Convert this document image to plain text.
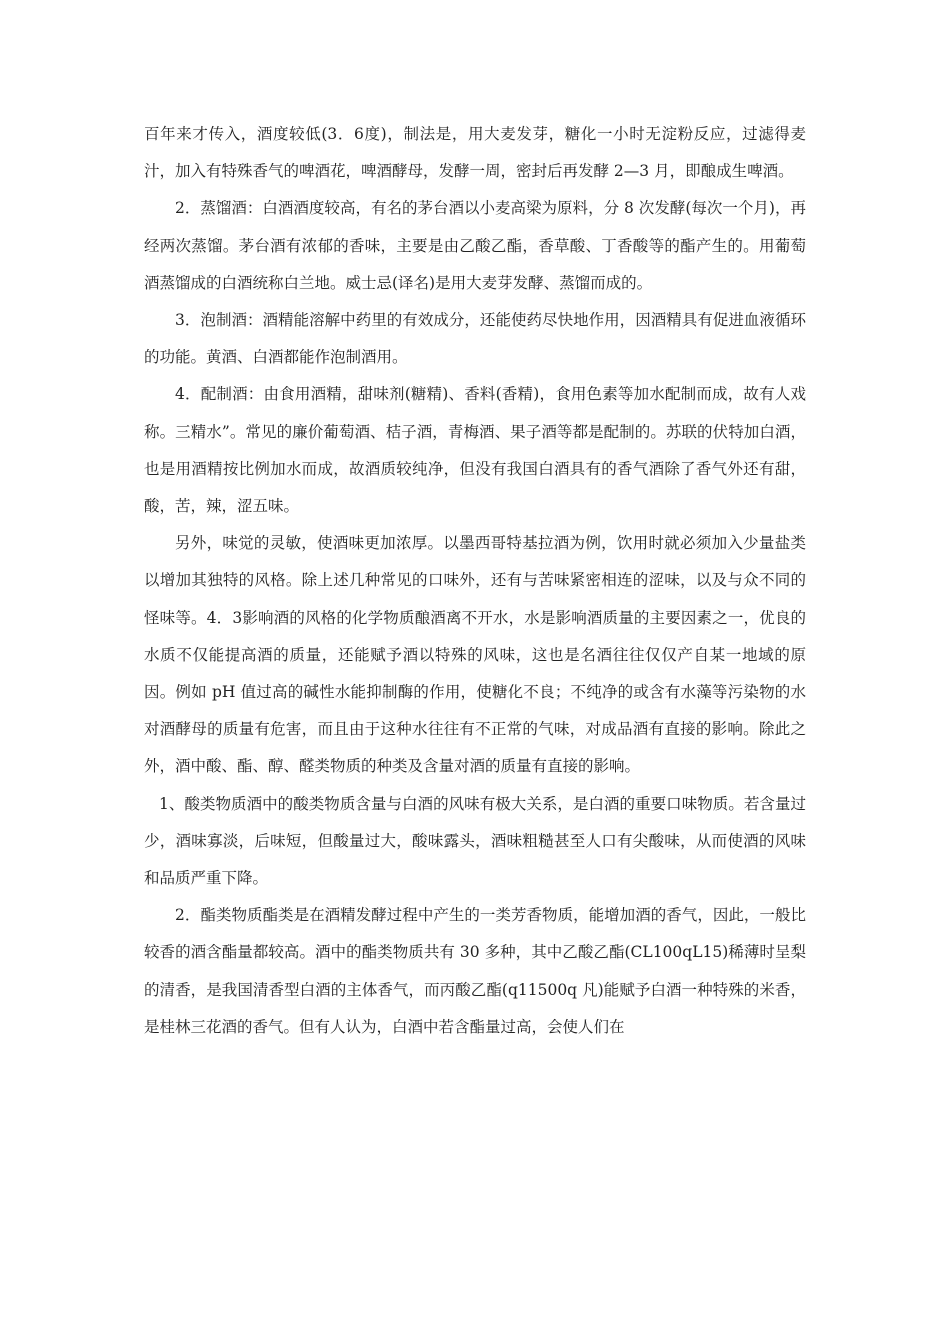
百年来才传入，酒度较低(3．6度)，制法是，用大麦发芽，糖化一小时无淀粉反应，过滤得麦汁，加入有特殊香气的啤酒花，啤酒酵母，发酵一周，密封后再发酵 2—3 月，即酿成生啤酒。

2．蒸馏酒：白酒酒度较高，有名的茅台酒以小麦高梁为原料，分 8 次发酵(每次一个月)，再经两次蒸馏。茅台酒有浓郁的香味，主要是由乙酸乙酯，香草酸、丁香酸等的酯产生的。用葡萄酒蒸馏成的白酒统称白兰地。威士忌(译名)是用大麦芽发酵、蒸馏而成的。

3．泡制酒：酒精能溶解中药里的有效成分，还能使药尽快地作用，因酒精具有促进血液循环的功能。黄酒、白酒都能作泡制酒用。

4．配制酒：由食用酒精，甜味剂(糖精)、香料(香精)，食用色素等加水配制而成，故有人戏称。三精水”。常见的廉价葡萄酒、桔子酒，青梅酒、果子酒等都是配制的。苏联的伏特加白酒，也是用酒精按比例加水而成，故酒质较纯净，但没有我国白酒具有的香气酒除了香气外还有甜，酸，苦，辣，涩五味。

另外，味觉的灵敏，使酒味更加浓厚。以墨西哥特基拉酒为例，饮用时就必须加入少量盐类以增加其独特的风格。除上述几种常见的口味外，还有与苦味紧密相连的涩味，以及与众不同的怪味等。4．3影响酒的风格的化学物质酿酒离不开水，水是影响酒质量的主要因素之一，优良的水质不仅能提高酒的质量，还能赋予酒以特殊的风味，这也是名酒往往仅仅产自某一地域的原因。例如 pH 值过高的碱性水能抑制酶的作用，使糖化不良；不纯净的或含有水藻等污染物的水对酒酵母的质量有危害，而且由于这种水往往有不正常的气味，对成品酒有直接的影响。除此之外，酒中酸、酯、醇、醛类物质的种类及含量对酒的质量有直接的影响。

1、酸类物质酒中的酸类物质含量与白酒的风味有极大关系，是白酒的重要口味物质。若含量过少，酒味寡淡，后味短，但酸量过大，酸味露头，酒味粗糙甚至人口有尖酸味，从而使酒的风味和品质严重下降。

2．酯类物质酯类是在酒精发酵过程中产生的一类芳香物质，能增加酒的香气，因此，一般比较香的酒含酯量都较高。酒中的酯类物质共有 30 多种，其中乙酸乙酯(CL100qL15)稀薄时呈梨的清香，是我国清香型白酒的主体香气，而丙酸乙酯(q11500q 凡)能赋予白酒一种特殊的米香，是桂林三花酒的香气。但有人认为，白酒中若含酯量过高，会使人们在
